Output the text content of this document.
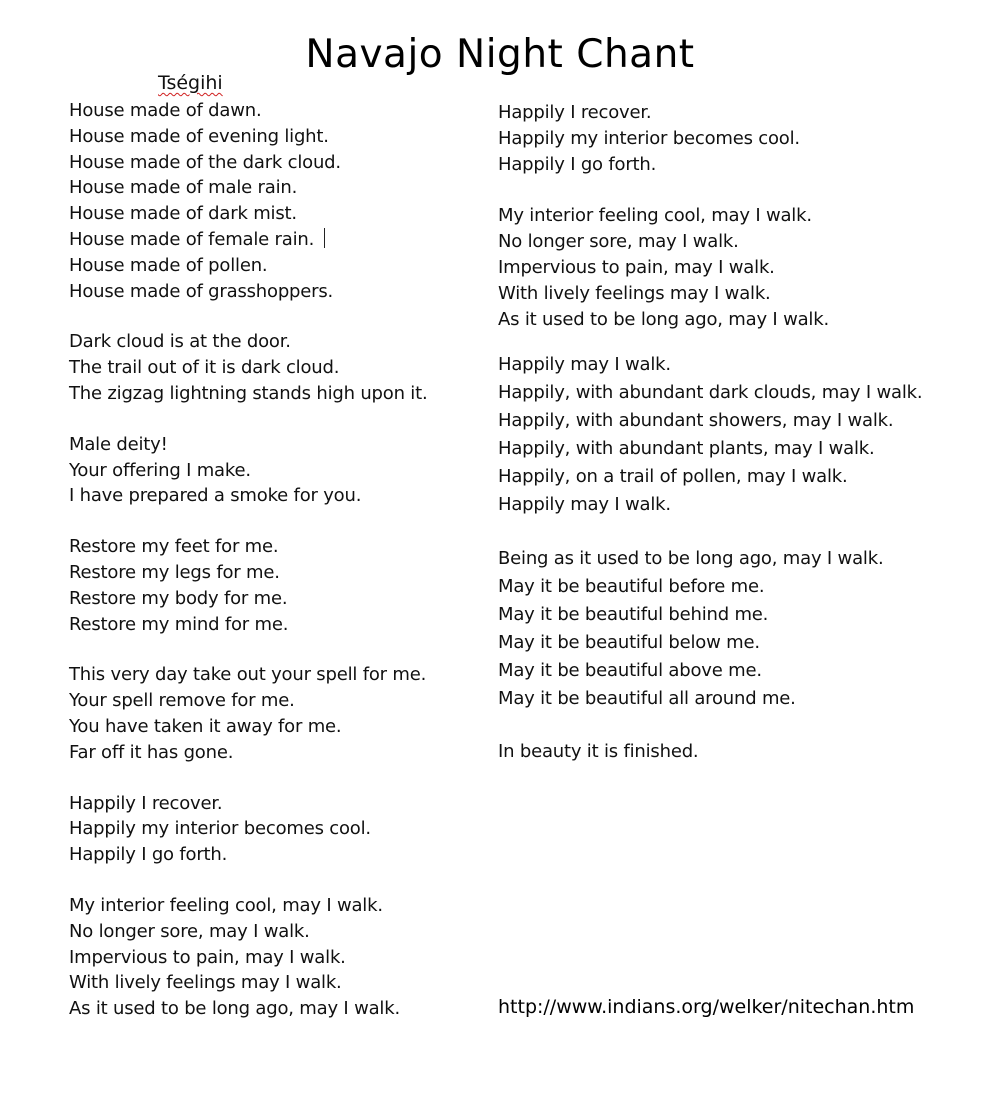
Navajo Night Chant
Tségihi
House made of dawn.
House made of evening light.
House made of the dark cloud.
House made of male rain.
House made of dark mist.
House made of female rain.
House made of pollen.
House made of grasshoppers.
Dark cloud is at the door.
The trail out of it is dark cloud.
The zigzag lightning stands high upon it.
Male deity!
Your offering I make.
I have prepared a smoke for you.
Restore my feet for me.
Restore my legs for me.
Restore my body for me.
Restore my mind for me.
This very day take out your spell for me.
Your spell remove for me.
You have taken it away for me.
Far off it has gone.
Happily I recover.
Happily my interior becomes cool.
Happily I go forth.
My interior feeling cool, may I walk.
No longer sore, may I walk.
Impervious to pain, may I walk.
With lively feelings may I walk.
As it used to be long ago, may I walk.
Happily I recover.
Happily my interior becomes cool.
Happily I go forth.
My interior feeling cool, may I walk.
No longer sore, may I walk.
Impervious to pain, may I walk.
With lively feelings may I walk.
As it used to be long ago, may I walk.
Happily may I walk.
Happily, with abundant dark clouds, may I walk.
Happily, with abundant showers, may I walk.
Happily, with abundant plants, may I walk.
Happily, on a trail of pollen, may I walk.
Happily may I walk.
Being as it used to be long ago, may I walk.
May it be beautiful before me.
May it be beautiful behind me.
May it be beautiful below me.
May it be beautiful above me.
May it be beautiful all around me.
In beauty it is finished.
http://www.indians.org/welker/nitechan.htm
